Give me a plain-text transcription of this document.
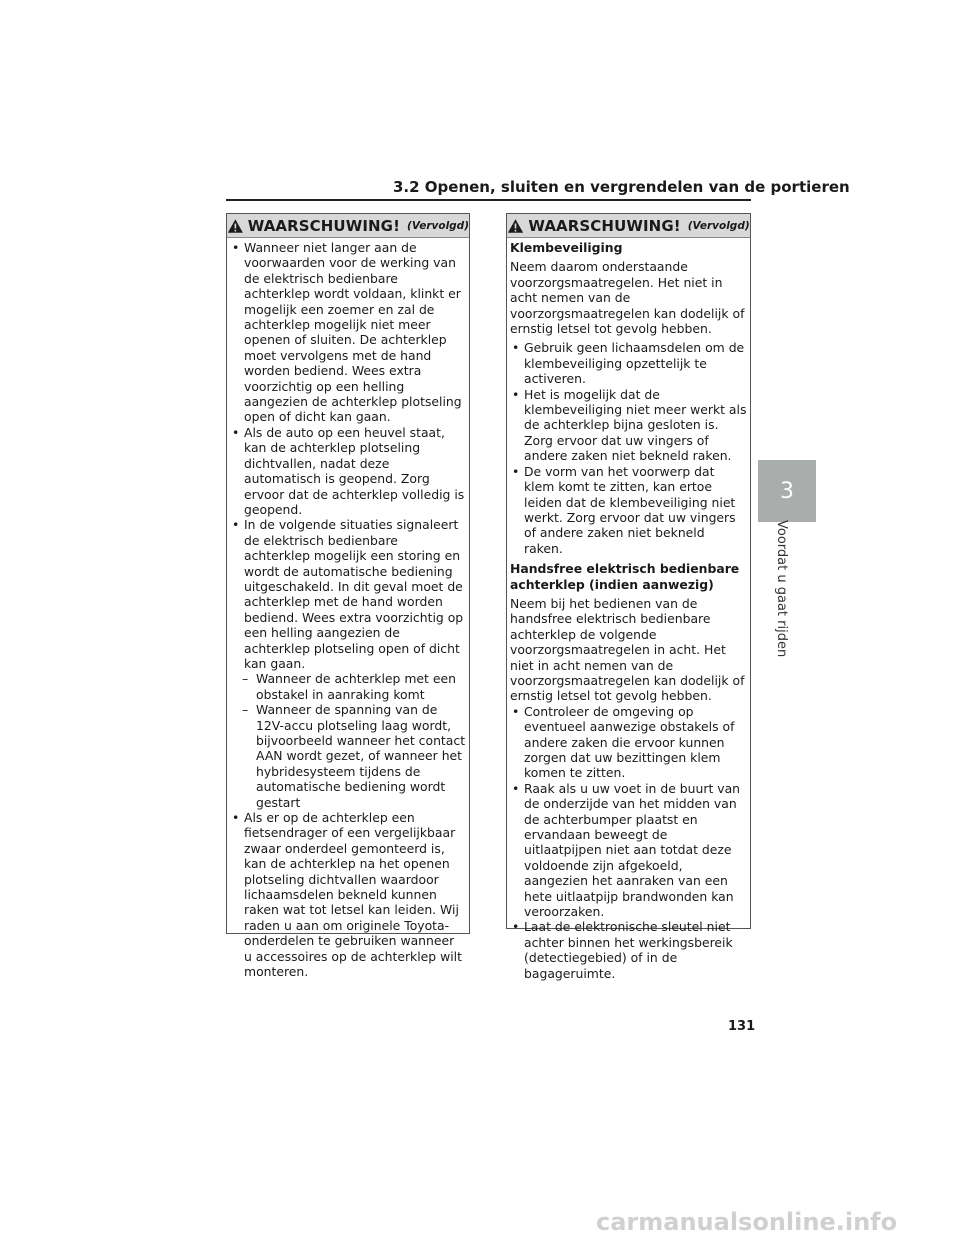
3.2 Openen, sluiten en vergrendelen van de portieren
WAARSCHUWING! (Vervolgd)

• Wanneer niet langer aan de voorwaarden voor de werking van de elektrisch bedienbare achterklep wordt voldaan, klinkt er mogelijk een zoemer en zal de achterklep mogelijk niet meer openen of sluiten. De achterklep moet vervolgens met de hand worden bediend. Wees extra voorzichtig op een helling aangezien de achterklep plotseling open of dicht kan gaan.

• Als de auto op een heuvel staat, kan de achterklep plotseling dichtvallen, nadat deze automatisch is geopend. Zorg ervoor dat de achterklep volledig is geopend.

• In de volgende situaties signaleert de elektrisch bedienbare achterklep mogelijk een storing en wordt de automatische bediening uitgeschakeld. In dit geval moet de achterklep met de hand worden bediend. Wees extra voorzichtig op een helling aangezien de achterklep plotseling open of dicht kan gaan.

– Wanneer de achterklep met een obstakel in aanraking komt

– Wanneer de spanning van de 12V-accu plotseling laag wordt, bijvoorbeeld wanneer het contact AAN wordt gezet, of wanneer het hybridesysteem tijdens de automatische bediening wordt gestart

• Als er op de achterklep een fietsendrager of een vergelijkbaar zwaar onderdeel gemonteerd is, kan de achterklep na het openen plotseling dichtvallen waardoor lichaamsdelen bekneld kunnen raken wat tot letsel kan leiden. Wij raden u aan om originele Toyota-onderdelen te gebruiken wanneer u accessoires op de achterklep wilt monteren.

WAARSCHUWING! (Vervolgd)

Klembeveiliging

Neem daarom onderstaande voorzorgsmaatregelen. Het niet in acht nemen van de voorzorgsmaatregelen kan dodelijk of ernstig letsel tot gevolg hebben.

• Gebruik geen lichaamsdelen om de klembeveiliging opzettelijk te activeren.

• Het is mogelijk dat de klembeveiliging niet meer werkt als de achterklep bijna gesloten is. Zorg ervoor dat uw vingers of andere zaken niet bekneld raken.

• De vorm van het voorwerp dat klem komt te zitten, kan ertoe leiden dat de klembeveiliging niet werkt. Zorg ervoor dat uw vingers of andere zaken niet bekneld raken.

Handsfree elektrisch bedienbare achterklep (indien aanwezig)

Neem bij het bedienen van de handsfree elektrisch bedienbare achterklep de volgende voorzorgsmaatregelen in acht. Het niet in acht nemen van de voorzorgsmaatregelen kan dodelijk of ernstig letsel tot gevolg hebben.

• Controleer de omgeving op eventueel aanwezige obstakels of andere zaken die ervoor kunnen zorgen dat uw bezittingen klem komen te zitten.

• Raak als u uw voet in de buurt van de onderzijde van het midden van de achterbumper plaatst en ervandaan beweegt de uitlaatpijpen niet aan totdat deze voldoende zijn afgekoeld, aangezien het aanraken van een hete uitlaatpijp brandwonden kan veroorzaken.

• Laat de elektronische sleutel niet achter binnen het werkingsbereik (detectiegebied) of in de bagageruimte.

3
Voordat u gaat rijden
131
carmanualsonline.info
